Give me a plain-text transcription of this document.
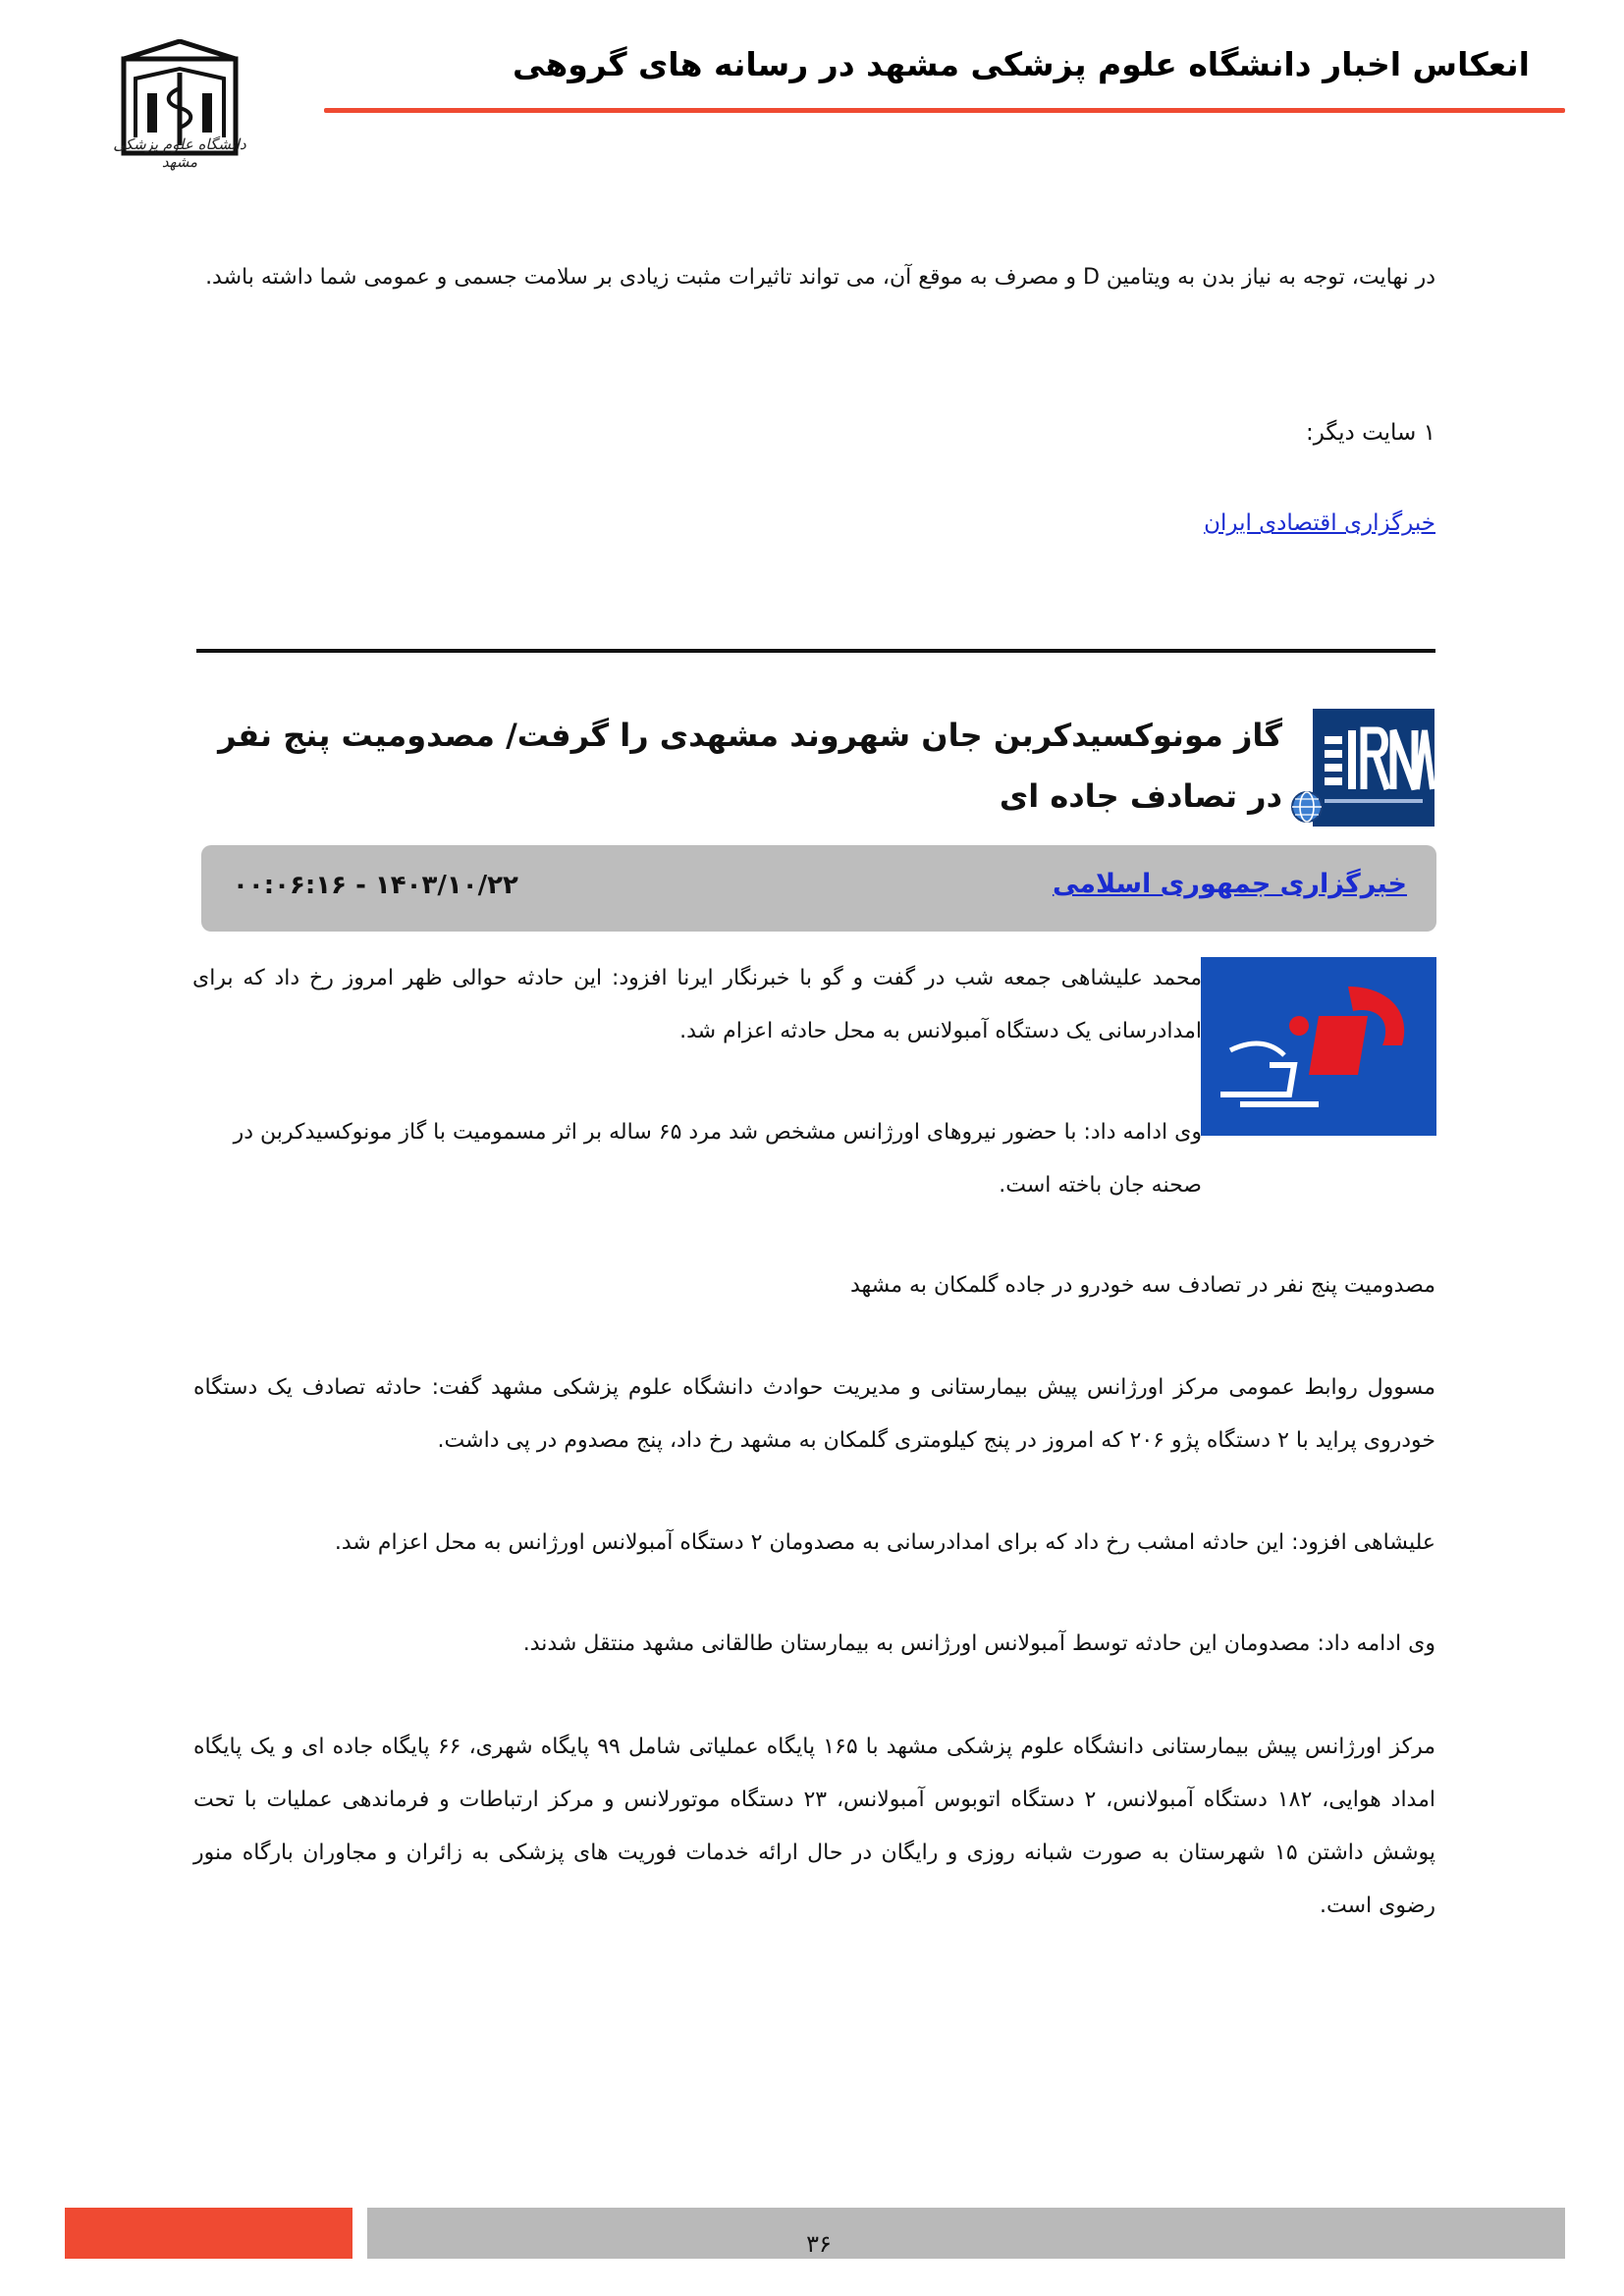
انعکاس اخبار دانشگاه علوم پزشکی مشهد در رسانه های گروهی
دانشگاه علوم پزشکی مشهد
در نهایت، توجه به نیاز بدن به ویتامین D و مصرف به موقع آن، می تواند تاثیرات مثبت زیادی بر سلامت جسمی و عمومی شما داشته باشد.
۱ سایت دیگر:
خبرگزاری اقتصادی ایران
گاز مونوکسیدکربن جان شهروند مشهدی را گرفت/ مصدومیت پنج نفر در تصادف جاده ای
خبرگزاری جمهوری اسلامی
۱۴۰۳/۱۰/۲۲ - ۰۰:۰۶:۱۶
محمد علیشاهی جمعه شب در گفت و گو با خبرنگار ایرنا افزود: این حادثه حوالی ظهر امروز رخ داد که برای امدادرسانی یک دستگاه آمبولانس به محل حادثه اعزام شد.
وی ادامه داد: با حضور نیروهای اورژانس مشخص شد مرد ۶۵ ساله بر اثر مسمومیت با گاز مونوکسیدکربن در صحنه جان باخته است.
مصدومیت پنج نفر در تصادف سه خودرو در جاده گلمکان به مشهد
مسوول روابط عمومی مرکز اورژانس پیش بیمارستانی و مدیریت حوادث دانشگاه علوم پزشکی مشهد گفت: حادثه تصادف یک دستگاه خودروی پراید با ۲ دستگاه پژو ۲۰۶ که امروز در پنج کیلومتری گلمکان به مشهد رخ داد، پنج مصدوم در پی داشت.
علیشاهی افزود: این حادثه امشب رخ داد که برای امدادرسانی به مصدومان ۲ دستگاه آمبولانس اورژانس به محل اعزام شد.
وی ادامه داد: مصدومان این حادثه توسط آمبولانس اورژانس به بیمارستان طالقانی مشهد منتقل شدند.
مرکز اورژانس پیش بیمارستانی دانشگاه علوم پزشکی مشهد با ۱۶۵ پایگاه عملیاتی شامل ۹۹ پایگاه شهری، ۶۶ پایگاه جاده ای و یک پایگاه امداد هوایی، ۱۸۲ دستگاه آمبولانس، ۲ دستگاه اتوبوس آمبولانس، ۲۳ دستگاه موتورلانس و مرکز ارتباطات و فرماندهی عملیات با تحت پوشش داشتن ۱۵ شهرستان به صورت شبانه روزی و رایگان در حال ارائه خدمات فوریت های پزشکی به زائران و مجاوران بارگاه منور رضوی است.
۳۶
